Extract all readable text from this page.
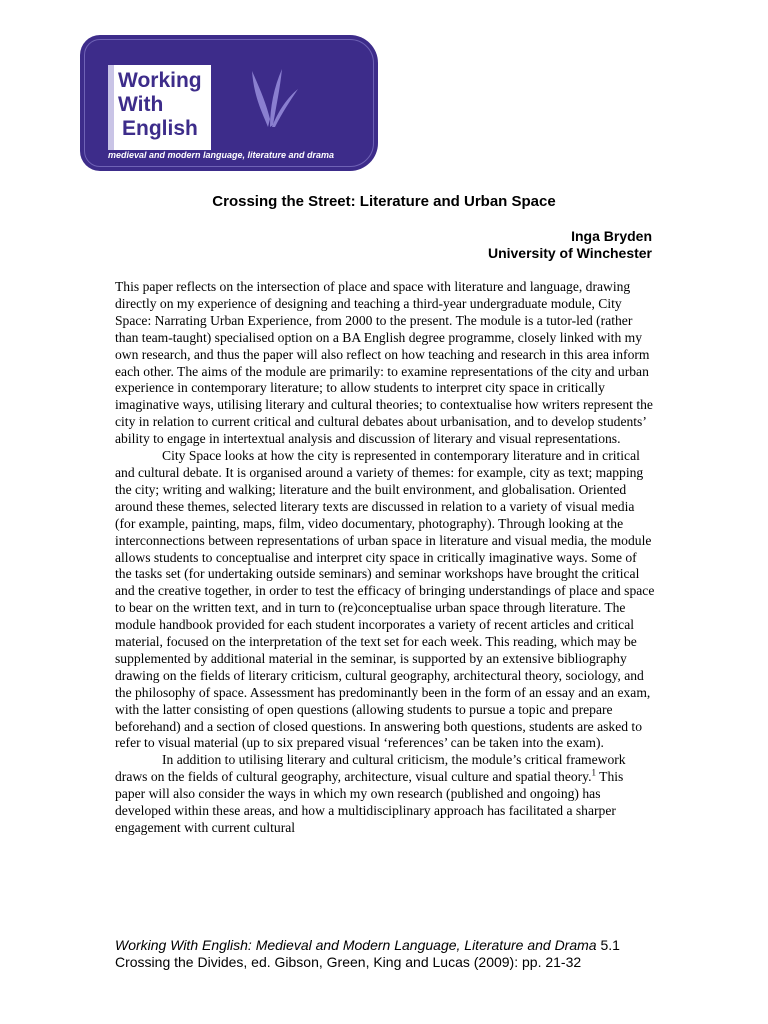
Working
With
English
medieval and modern language, literature and drama
Crossing the Street: Literature and Urban Space
Inga Bryden
University of Winchester

This paper reflects on the intersection of place and space with literature and language, drawing directly on my experience of designing and teaching a third-year undergraduate module, City Space: Narrating Urban Experience, from 2000 to the present. The module is a tutor-led (rather than team-taught) specialised option on a BA English degree programme, closely linked with my own research, and thus the paper will also reflect on how teaching and research in this area inform each other. The aims of the module are primarily: to examine representations of the city and urban experience in contemporary literature; to allow students to interpret city space in critically imaginative ways, utilising literary and cultural theories; to contextualise how writers represent the city in relation to current critical and cultural debates about urbanisation, and to develop students’ ability to engage in intertextual analysis and discussion of literary and visual representations.

City Space looks at how the city is represented in contemporary literature and in critical and cultural debate. It is organised around a variety of themes: for example, city as text; mapping the city; writing and walking; literature and the built environment, and globalisation. Oriented around these themes, selected literary texts are discussed in relation to a variety of visual media (for example, painting, maps, film, video documentary, photography). Through looking at the interconnections between representations of urban space in literature and visual media, the module allows students to conceptualise and interpret city space in critically imaginative ways. Some of the tasks set (for undertaking outside seminars) and seminar workshops have brought the critical and the creative together, in order to test the efficacy of bringing understandings of place and space to bear on the written text, and in turn to (re)conceptualise urban space through literature. The module handbook provided for each student incorporates a variety of recent articles and critical material, focused on the interpretation of the text set for each week. This reading, which may be supplemented by additional material in the seminar, is supported by an extensive bibliography drawing on the fields of literary criticism, cultural geography, architectural theory, sociology, and the philosophy of space. Assessment has predominantly been in the form of an essay and an exam, with the latter consisting of open questions (allowing students to pursue a topic and prepare beforehand) and a section of closed questions. In answering both questions, students are asked to refer to visual material (up to six prepared visual ‘references’ can be taken into the exam).

In addition to utilising literary and cultural criticism, the module’s critical framework draws on the fields of cultural geography, architecture, visual culture and spatial theory.$^1$ This paper will also consider the ways in which my own research (published and ongoing) has developed within these areas, and how a multidisciplinary approach has facilitated a sharper engagement with current cultural

Working With English: Medieval and Modern Language, Literature and Drama 5.1
Crossing the Divides, ed. Gibson, Green, King and Lucas (2009): pp. 21-32
